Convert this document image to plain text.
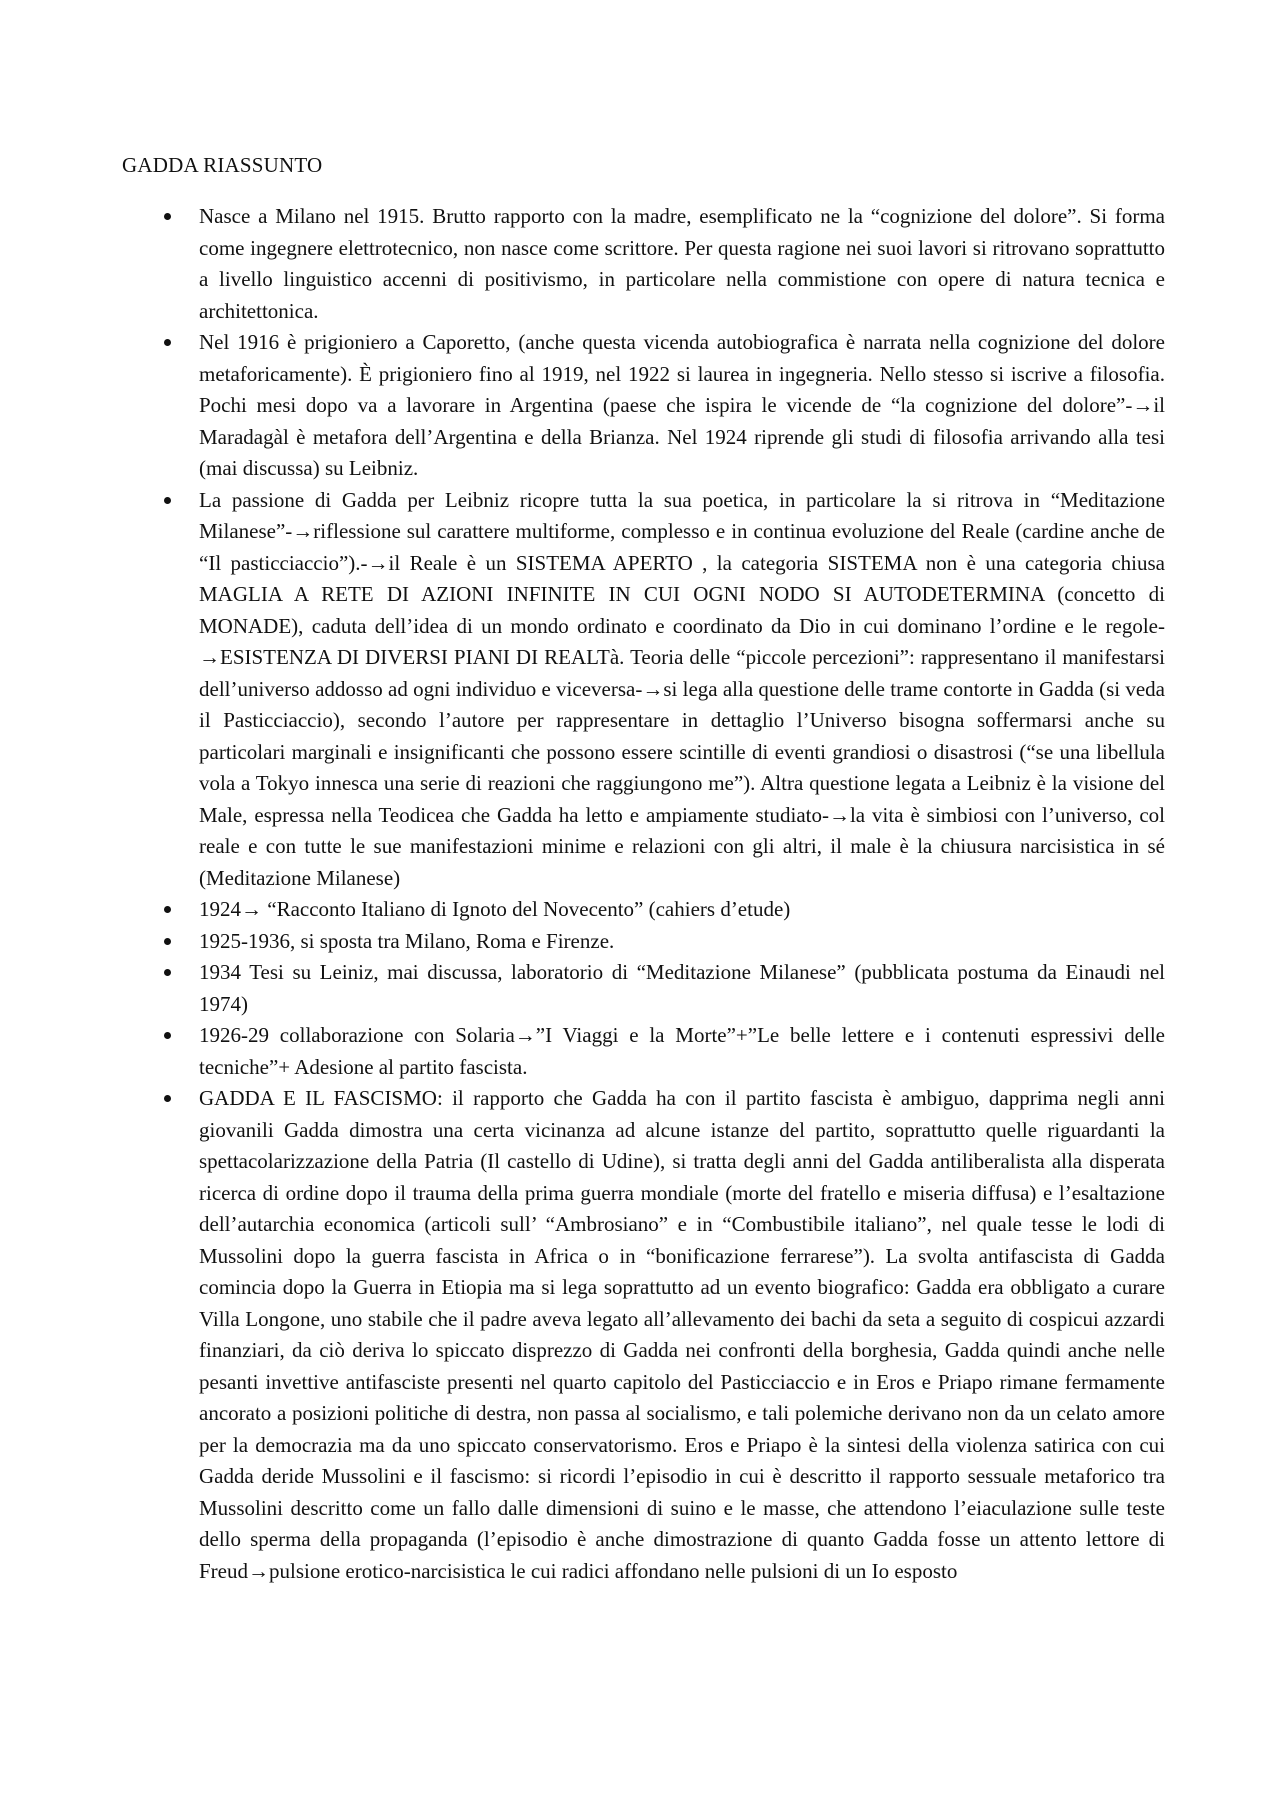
GADDA RIASSUNTO
Nasce a Milano nel 1915. Brutto rapporto con la madre, esemplificato ne la “cognizione del dolore”. Si forma come ingegnere elettrotecnico, non nasce come scrittore. Per questa ragione nei suoi lavori si ritrovano soprattutto a livello linguistico accenni di positivismo, in particolare nella commistione con opere di natura tecnica e architettonica.
Nel 1916 è prigioniero a Caporetto, (anche questa vicenda autobiografica è narrata nella cognizione del dolore metaforicamente). È prigioniero fino al 1919, nel 1922 si laurea in ingegneria. Nello stesso si iscrive a filosofia. Pochi mesi dopo va a lavorare in Argentina (paese che ispira le vicende de “la cognizione del dolore”-→il Maradagàl è metafora dell’Argentina e della Brianza. Nel 1924 riprende gli studi di filosofia arrivando alla tesi (mai discussa) su Leibniz.
La passione di Gadda per Leibniz ricopre tutta la sua poetica, in particolare la si ritrova in “Meditazione Milanese”-→riflessione sul carattere multiforme, complesso e in continua evoluzione del Reale (cardine anche de “Il pasticciaccio”).-→il Reale è un SISTEMA APERTO , la categoria SISTEMA non è una categoria chiusa MAGLIA A RETE DI AZIONI INFINITE IN CUI OGNI NODO SI AUTODETERMINA (concetto di MONADE), caduta dell’idea di un mondo ordinato e coordinato da Dio in cui dominano l’ordine e le regole-→ESISTENZA DI DIVERSI PIANI DI REALTà. Teoria delle “piccole percezioni”: rappresentano il manifestarsi dell’universo addosso ad ogni individuo e viceversa-→si lega alla questione delle trame contorte in Gadda (si veda il Pasticciaccio), secondo l’autore per rappresentare in dettaglio l’Universo bisogna soffermarsi anche su particolari marginali e insignificanti che possono essere scintille di eventi grandiosi o disastrosi (“se una libellula vola a Tokyo innesca una serie di reazioni che raggiungono me”). Altra questione legata a Leibniz è la visione del Male, espressa nella Teodicea che Gadda ha letto e ampiamente studiato-→la vita è simbiosi con l’universo, col reale e con tutte le sue manifestazioni minime e relazioni con gli altri, il male è la chiusura narcisistica in sé (Meditazione Milanese)
1924→ “Racconto Italiano di Ignoto del Novecento” (cahiers d’etude)
1925-1936, si sposta tra Milano, Roma e Firenze.
1934 Tesi su Leiniz, mai discussa, laboratorio di “Meditazione Milanese” (pubblicata postuma da Einaudi nel 1974)
1926-29 collaborazione con Solaria→”I Viaggi e la Morte”+”Le belle lettere e i contenuti espressivi delle tecniche”+ Adesione al partito fascista.
GADDA E IL FASCISMO: il rapporto che Gadda ha con il partito fascista è ambiguo, dapprima negli anni giovanili Gadda dimostra una certa vicinanza ad alcune istanze del partito, soprattutto quelle riguardanti la spettacolarizzazione della Patria (Il castello di Udine), si tratta degli anni del Gadda antiliberalista alla disperata ricerca di ordine dopo il trauma della prima guerra mondiale (morte del fratello e miseria diffusa) e l’esaltazione dell’autarchia economica (articoli sull’ “Ambrosiano” e in “Combustibile italiano”, nel quale tesse le lodi di Mussolini dopo la guerra fascista in Africa o in “bonificazione ferrarese”). La svolta antifascista di Gadda comincia dopo la Guerra in Etiopia ma si lega soprattutto ad un evento biografico: Gadda era obbligato a curare Villa Longone, uno stabile che il padre aveva legato all’allevamento dei bachi da seta a seguito di cospicui azzardi finanziari, da ciò deriva lo spiccato disprezzo di Gadda nei confronti della borghesia, Gadda quindi anche nelle pesanti invettive antifasciste presenti nel quarto capitolo del Pasticciaccio e in Eros e Priapo rimane fermamente ancorato a posizioni politiche di destra, non passa al socialismo, e tali polemiche derivano non da un celato amore per la democrazia ma da uno spiccato conservatorismo. Eros e Priapo è la sintesi della violenza satirica con cui Gadda deride Mussolini e il fascismo: si ricordi l’episodio in cui è descritto il rapporto sessuale metaforico tra Mussolini descritto come un fallo dalle dimensioni di suino e le masse, che attendono l’eiaculazione sulle teste dello sperma della propaganda (l’episodio è anche dimostrazione di quanto Gadda fosse un attento lettore di Freud→pulsione erotico-narcisistica le cui radici affondano nelle pulsioni di un Io esposto
